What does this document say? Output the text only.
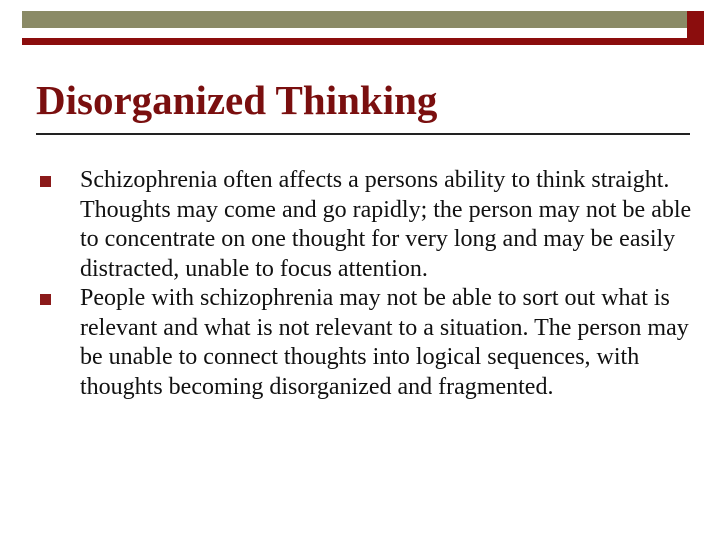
Disorganized Thinking
Schizophrenia often affects a persons ability to think straight. Thoughts may come and go rapidly; the person may not be able to concentrate on one thought for very long and may be easily distracted, unable to focus attention.
People with schizophrenia may not be able to sort out what is relevant and what is not relevant to a situation. The person may be unable to connect thoughts into logical sequences, with thoughts becoming disorganized and fragmented.
